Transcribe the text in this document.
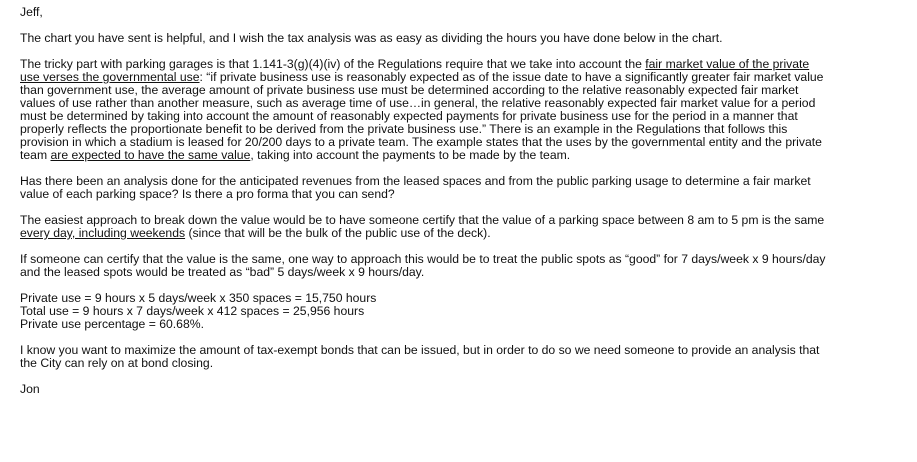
Jeff,

The chart you have sent is helpful, and I wish the tax analysis was as easy as dividing the hours you have done below in the chart.

The tricky part with parking garages is that 1.141-3(g)(4)(iv) of the Regulations require that we take into account the fair market value of the private
use verses the governmental use: “if private business use is reasonably expected as of the issue date to have a significantly greater fair market value
than government use, the average amount of private business use must be determined according to the relative reasonably expected fair market
values of use rather than another measure, such as average time of use…in general, the relative reasonably expected fair market value for a period
must be determined by taking into account the amount of reasonably expected payments for private business use for the period in a manner that
properly reflects the proportionate benefit to be derived from the private business use.” There is an example in the Regulations that follows this
provision in which a stadium is leased for 20/200 days to a private team. The example states that the uses by the governmental entity and the private
team are expected to have the same value, taking into account the payments to be made by the team.

Has there been an analysis done for the anticipated revenues from the leased spaces and from the public parking usage to determine a fair market
value of each parking space? Is there a pro forma that you can send?

The easiest approach to break down the value would be to have someone certify that the value of a parking space between 8 am to 5 pm is the same
every day, including weekends (since that will be the bulk of the public use of the deck).

If someone can certify that the value is the same, one way to approach this would be to treat the public spots as “good” for 7 days/week x 9 hours/day
and the leased spots would be treated as “bad” 5 days/week x 9 hours/day.

Private use = 9 hours x 5 days/week x 350 spaces = 15,750 hours
Total use = 9 hours x 7 days/week x 412 spaces = 25,956 hours
Private use percentage = 60.68%.

I know you want to maximize the amount of tax-exempt bonds that can be issued, but in order to do so we need someone to provide an analysis that
the City can rely on at bond closing.

Jon
